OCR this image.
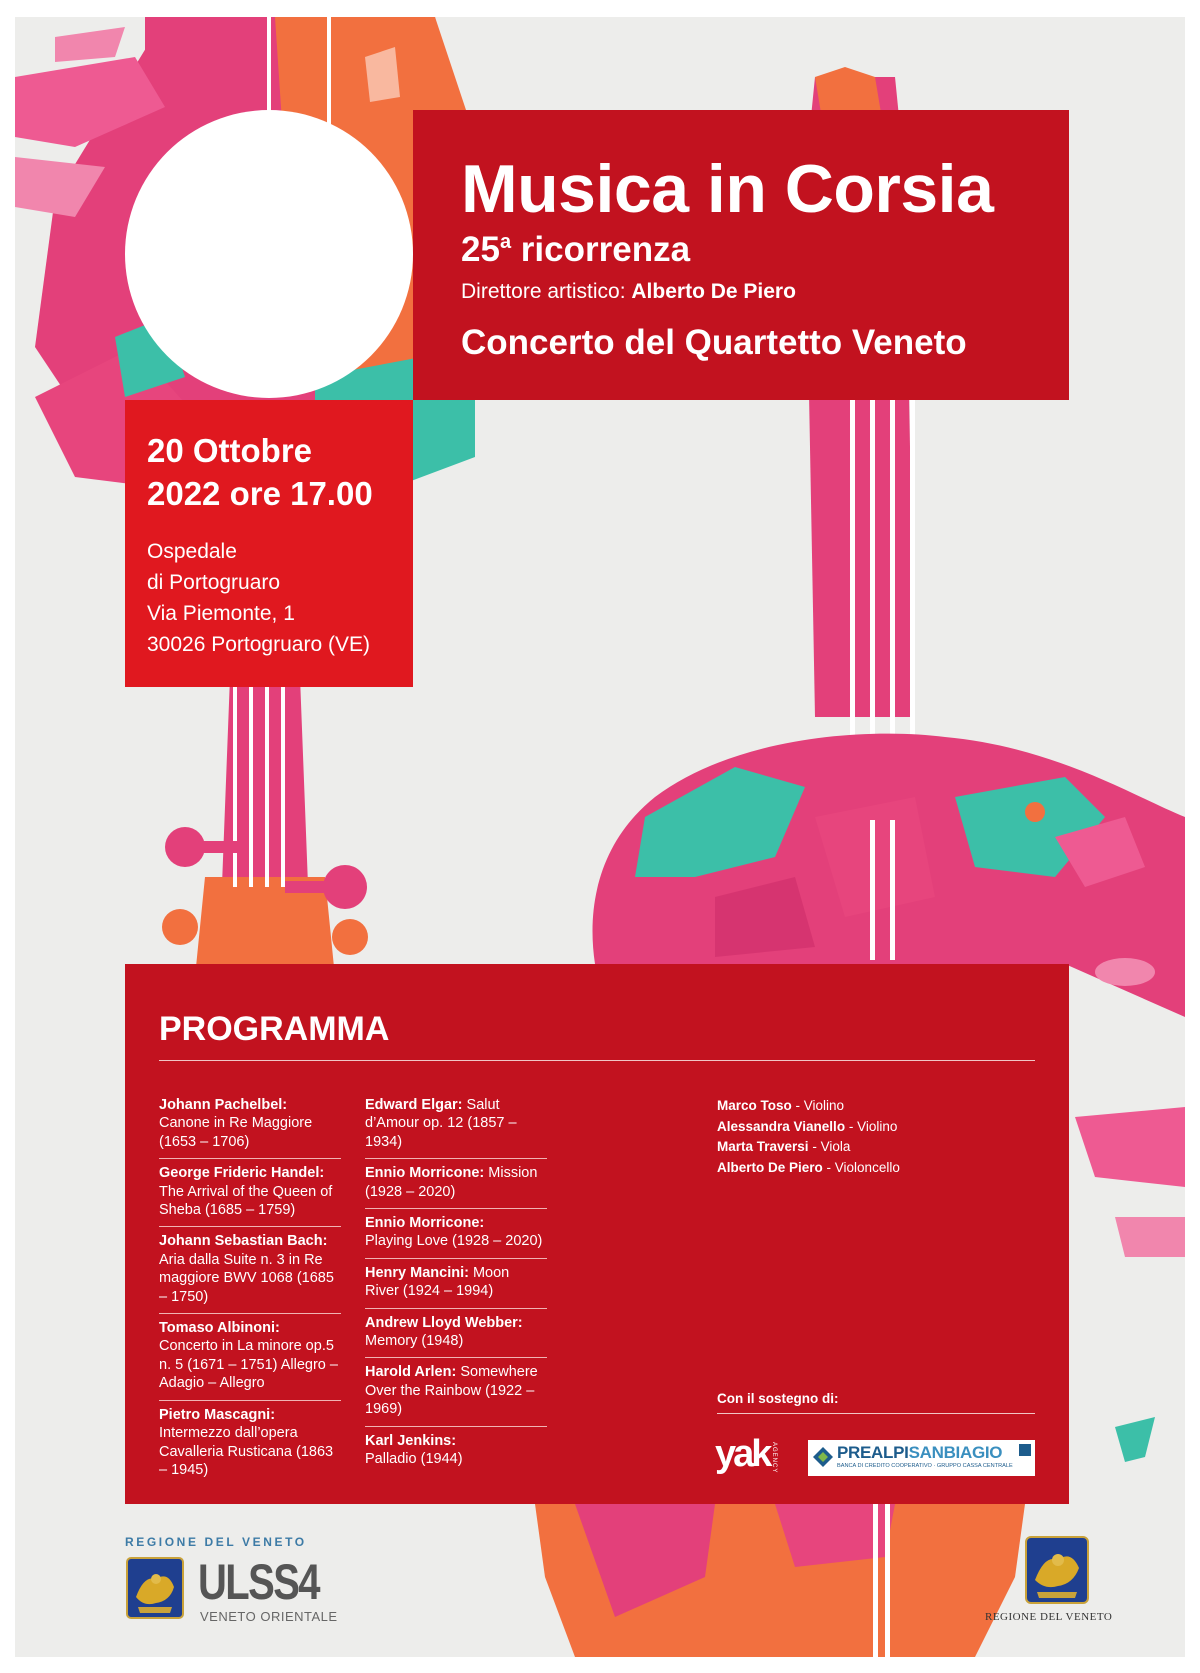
Musica in Corsia
25$^a$ ricorrenza
Direttore artistico: Alberto De Piero
Concerto del Quartetto Veneto
20 Ottobre
2022 ore 17.00
Ospedale
di Portogruaro
Via Piemonte, 1
30026 Portogruaro (VE)
PROGRAMMA
Johann Pachelbel:
Canone in Re Maggiore (1653 – 1706)
George Frideric Handel:
The Arrival of the Queen of Sheba (1685 – 1759)
Johann Sebastian Bach:
Aria dalla Suite n. 3 in Re maggiore BWV 1068 (1685 – 1750)
Tomaso Albinoni:
Concerto in La minore op.5 n. 5 (1671 – 1751) Allegro – Adagio – Allegro
Pietro Mascagni:
Intermezzo dall’opera Cavalleria Rusticana (1863 – 1945)
Edward Elgar: Salut d’Amour op. 12 (1857 – 1934)
Ennio Morricone: Mission (1928 – 2020)
Ennio Morricone:
Playing Love (1928 – 2020)
Henry Mancini: Moon River (1924 – 1994)
Andrew Lloyd Webber:
Memory (1948)
Harold Arlen: Somewhere Over the Rainbow (1922 – 1969)
Karl Jenkins:
Palladio (1944)
Marco Toso - Violino
Alessandra Vianello - Violino
Marta Traversi - Viola
Alberto De Piero - Violoncello
Con il sostegno di:
yak AGENCY	PREALPISANBIAGIO
BANCA DI CREDITO COOPERATIVO · GRUPPO CASSA CENTRALE
REGIONE DEL VENETO
ULSS4
VENETO ORIENTALE	REGIONE DEL VENETO
